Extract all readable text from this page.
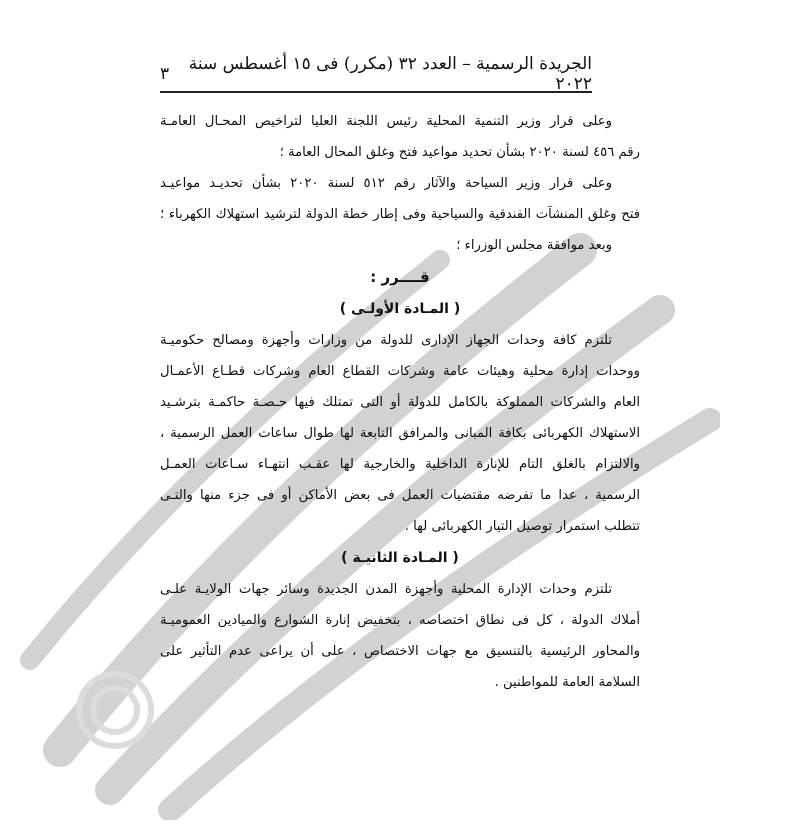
٣	الجريدة الرسمية – العدد ٣٢ (مكرر) فى ١٥ أغسطس سنة ٢٠٢٢
وعلى قرار وزير التنمية المحلية رئيس اللجنة العليا لتراخيص المحـال العامـة
رقم ٤٥٦ لسنة ٢٠٢٠ بشأن تحديد مواعيد فتح وغلق المحال العامة ؛
وعلى قرار وزير السياحة والآثار رقم ٥١٢ لسنة ٢٠٢٠ بشأن تحديـد مواعيـد
فتح وغلق المنشآت الفندقية والسياحية وفى إطار خطة الدولة لترشيد استهلاك الكهرباء ؛
وبعد موافقة مجلس الوزراء ؛
قــــرر :
( المـادة الأولـى )
تلتزم كافة وحدات الجهاز الإدارى للدولة من وزارات وأجهزة ومصالح حكوميـة
ووحدات إدارة محلية وهيئات عامة وشركات القطاع العام وشركات قطـاع الأعمـال
العام والشركات المملوكة بالكامل للدولة أو التى تمتلك فيها حـصـة حاكمـة بترشـيد
الاستهلاك الكهربائى بكافة المبانى والمرافق التابعة لها طوال ساعات العمل الرسمية ،
والالتزام بالغلق التام للإنارة الداخلية والخارجية لها عقـب انتهـاء سـاعات العمـل
الرسمية ، عدا ما تفرضه مقتضيات العمل فى بعض الأماكن أو فى جزء منها والتـى
تتطلب استمرار توصيل التيار الكهربائى لها .
( المـادة الثانيـة )
تلتزم وحدات الإدارة المحلية وأجهزة المدن الجديدة وسائر جهات الولايـة علـى
أملاك الدولة ، كل فى نطاق اختصاصه ، بتخفيض إنارة الشوارع والميادين العموميـة
والمحاور الرئيسية بالتنسيق مع جهات الاختصاص ، على أن يراعى عدم التأثير على
السلامة العامة للمواطنين .
